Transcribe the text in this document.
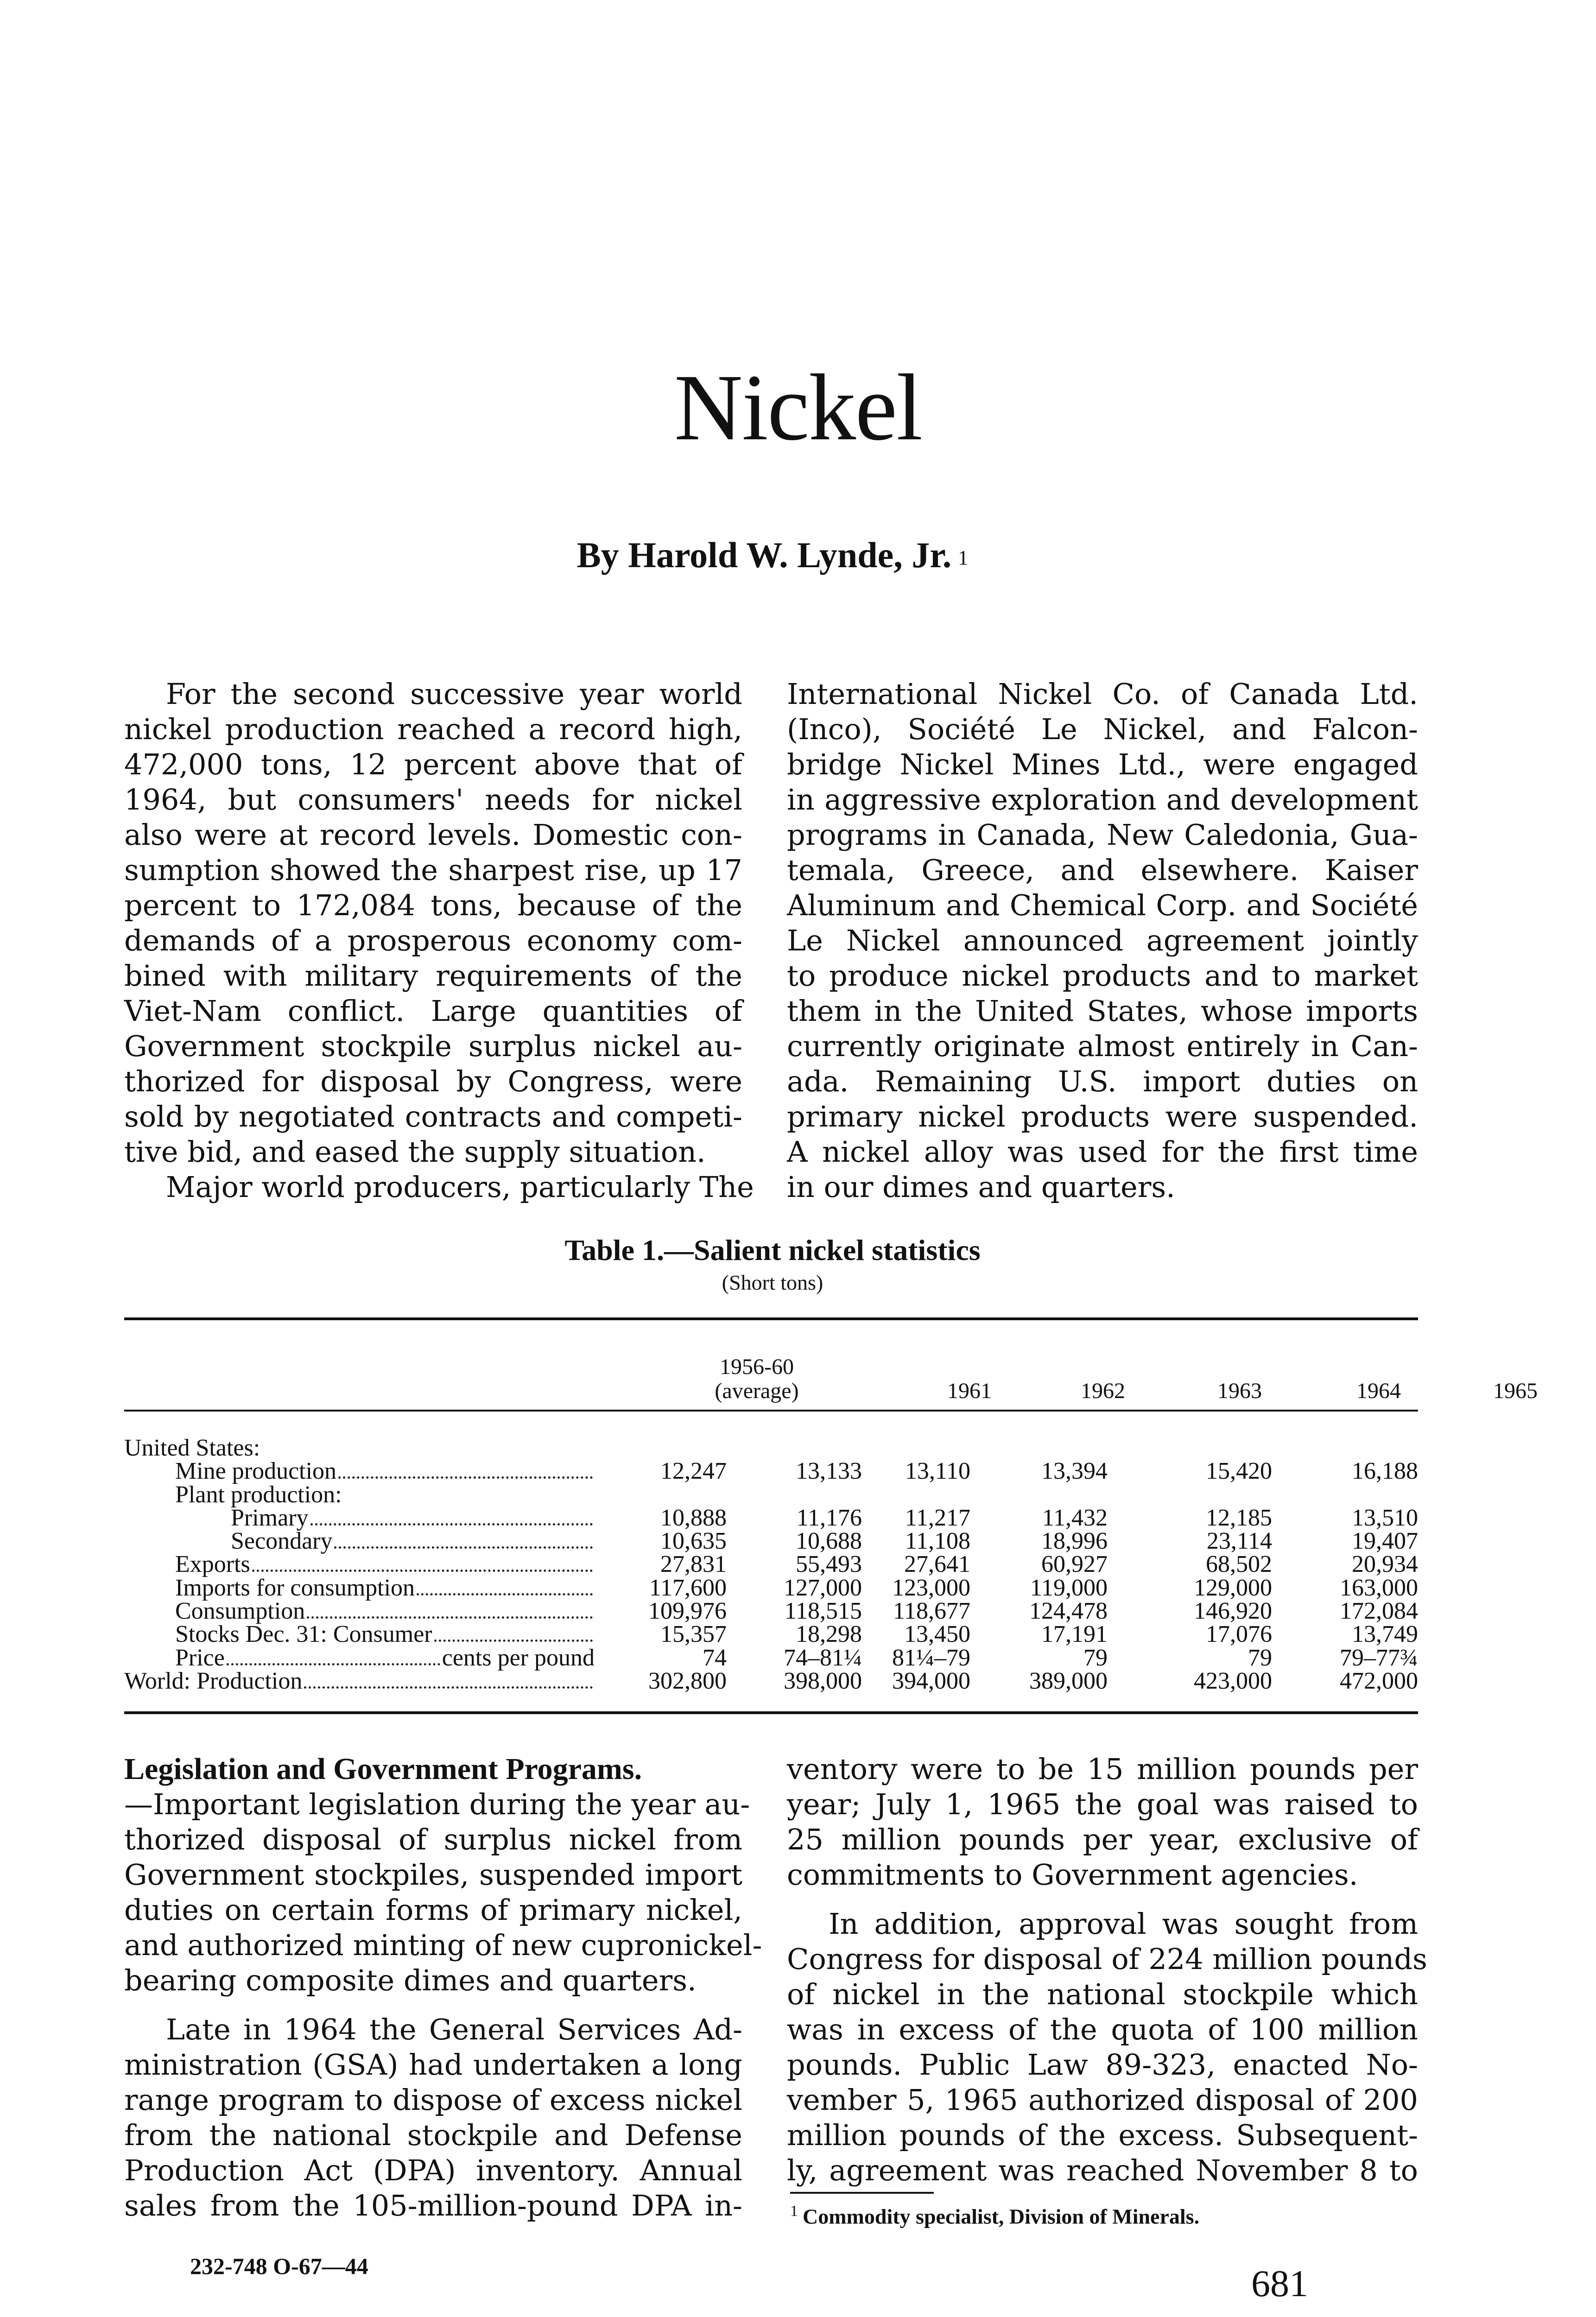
Nickel
By Harold W. Lynde, Jr. $^1$
For the second successive year world
nickel production reached a record high,
472,000 tons, 12 percent above that of
1964, but consumers' needs for nickel
also were at record levels. Domestic con-
sumption showed the sharpest rise, up 17
percent to 172,084 tons, because of the
demands of a prosperous economy com-
bined with military requirements of the
Viet-Nam conflict. Large quantities of
Government stockpile surplus nickel au-
thorized for disposal by Congress, were
sold by negotiated contracts and competi-
tive bid, and eased the supply situation.
Major world producers, particularly The
International Nickel Co. of Canada Ltd.
(Inco), Société Le Nickel, and Falcon-
bridge Nickel Mines Ltd., were engaged
in aggressive exploration and development
programs in Canada, New Caledonia, Gua-
temala, Greece, and elsewhere. Kaiser
Aluminum and Chemical Corp. and Société
Le Nickel announced agreement jointly
to produce nickel products and to market
them in the United States, whose imports
currently originate almost entirely in Can-
ada. Remaining U.S. import duties on
primary nickel products were suspended.
A nickel alloy was used for the first time
in our dimes and quarters.
Table 1.—Salient nickel statistics
(Short tons)
1956-60
(average)	1961	1962	1963	1964	1965
United States:
Mine production	12,247	13,133 13,110	13,394	15,420	16,188
Plant production:
Primary	10,888	11,176 11,217	11,432	12,185	13,510
Secondary	10,635	10,688 11,108	18,996	23,114	19,407
Exports	27,831	55,493 27,641	60,927	68,502	20,934
Imports for consumption	117,600 127,000 123,000 119,000	129,000	163,000
Consumption	109,976 118,515 118,677 124,478	146,920	172,084
Stocks Dec. 31: Consumer	15,357	18,298 13,450	17,191	17,076	13,749
Price	cents per pound	74 74–81¼ 81¼–79	79	79	79–77¾
World: Production	302,800 398,000 394,000 389,000	423,000	472,000
Legislation and Government Programs.
—Important legislation during the year au-
thorized disposal of surplus nickel from
Government stockpiles, suspended import
duties on certain forms of primary nickel,
and authorized minting of new cupronickel-
bearing composite dimes and quarters.
Late in 1964 the General Services Ad-
ministration (GSA) had undertaken a long
range program to dispose of excess nickel
from the national stockpile and Defense
Production Act (DPA) inventory. Annual
sales from the 105-million-pound DPA in-
ventory were to be 15 million pounds per
year; July 1, 1965 the goal was raised to
25 million pounds per year, exclusive of
commitments to Government agencies.
In addition, approval was sought from
Congress for disposal of 224 million pounds
of nickel in the national stockpile which
was in excess of the quota of 100 million
pounds. Public Law 89-323, enacted No-
vember 5, 1965 authorized disposal of 200
million pounds of the excess. Subsequent-
ly, agreement was reached November 8 to
$^1$ Commodity specialist, Division of Minerals.
232-748 O-67—44	681
